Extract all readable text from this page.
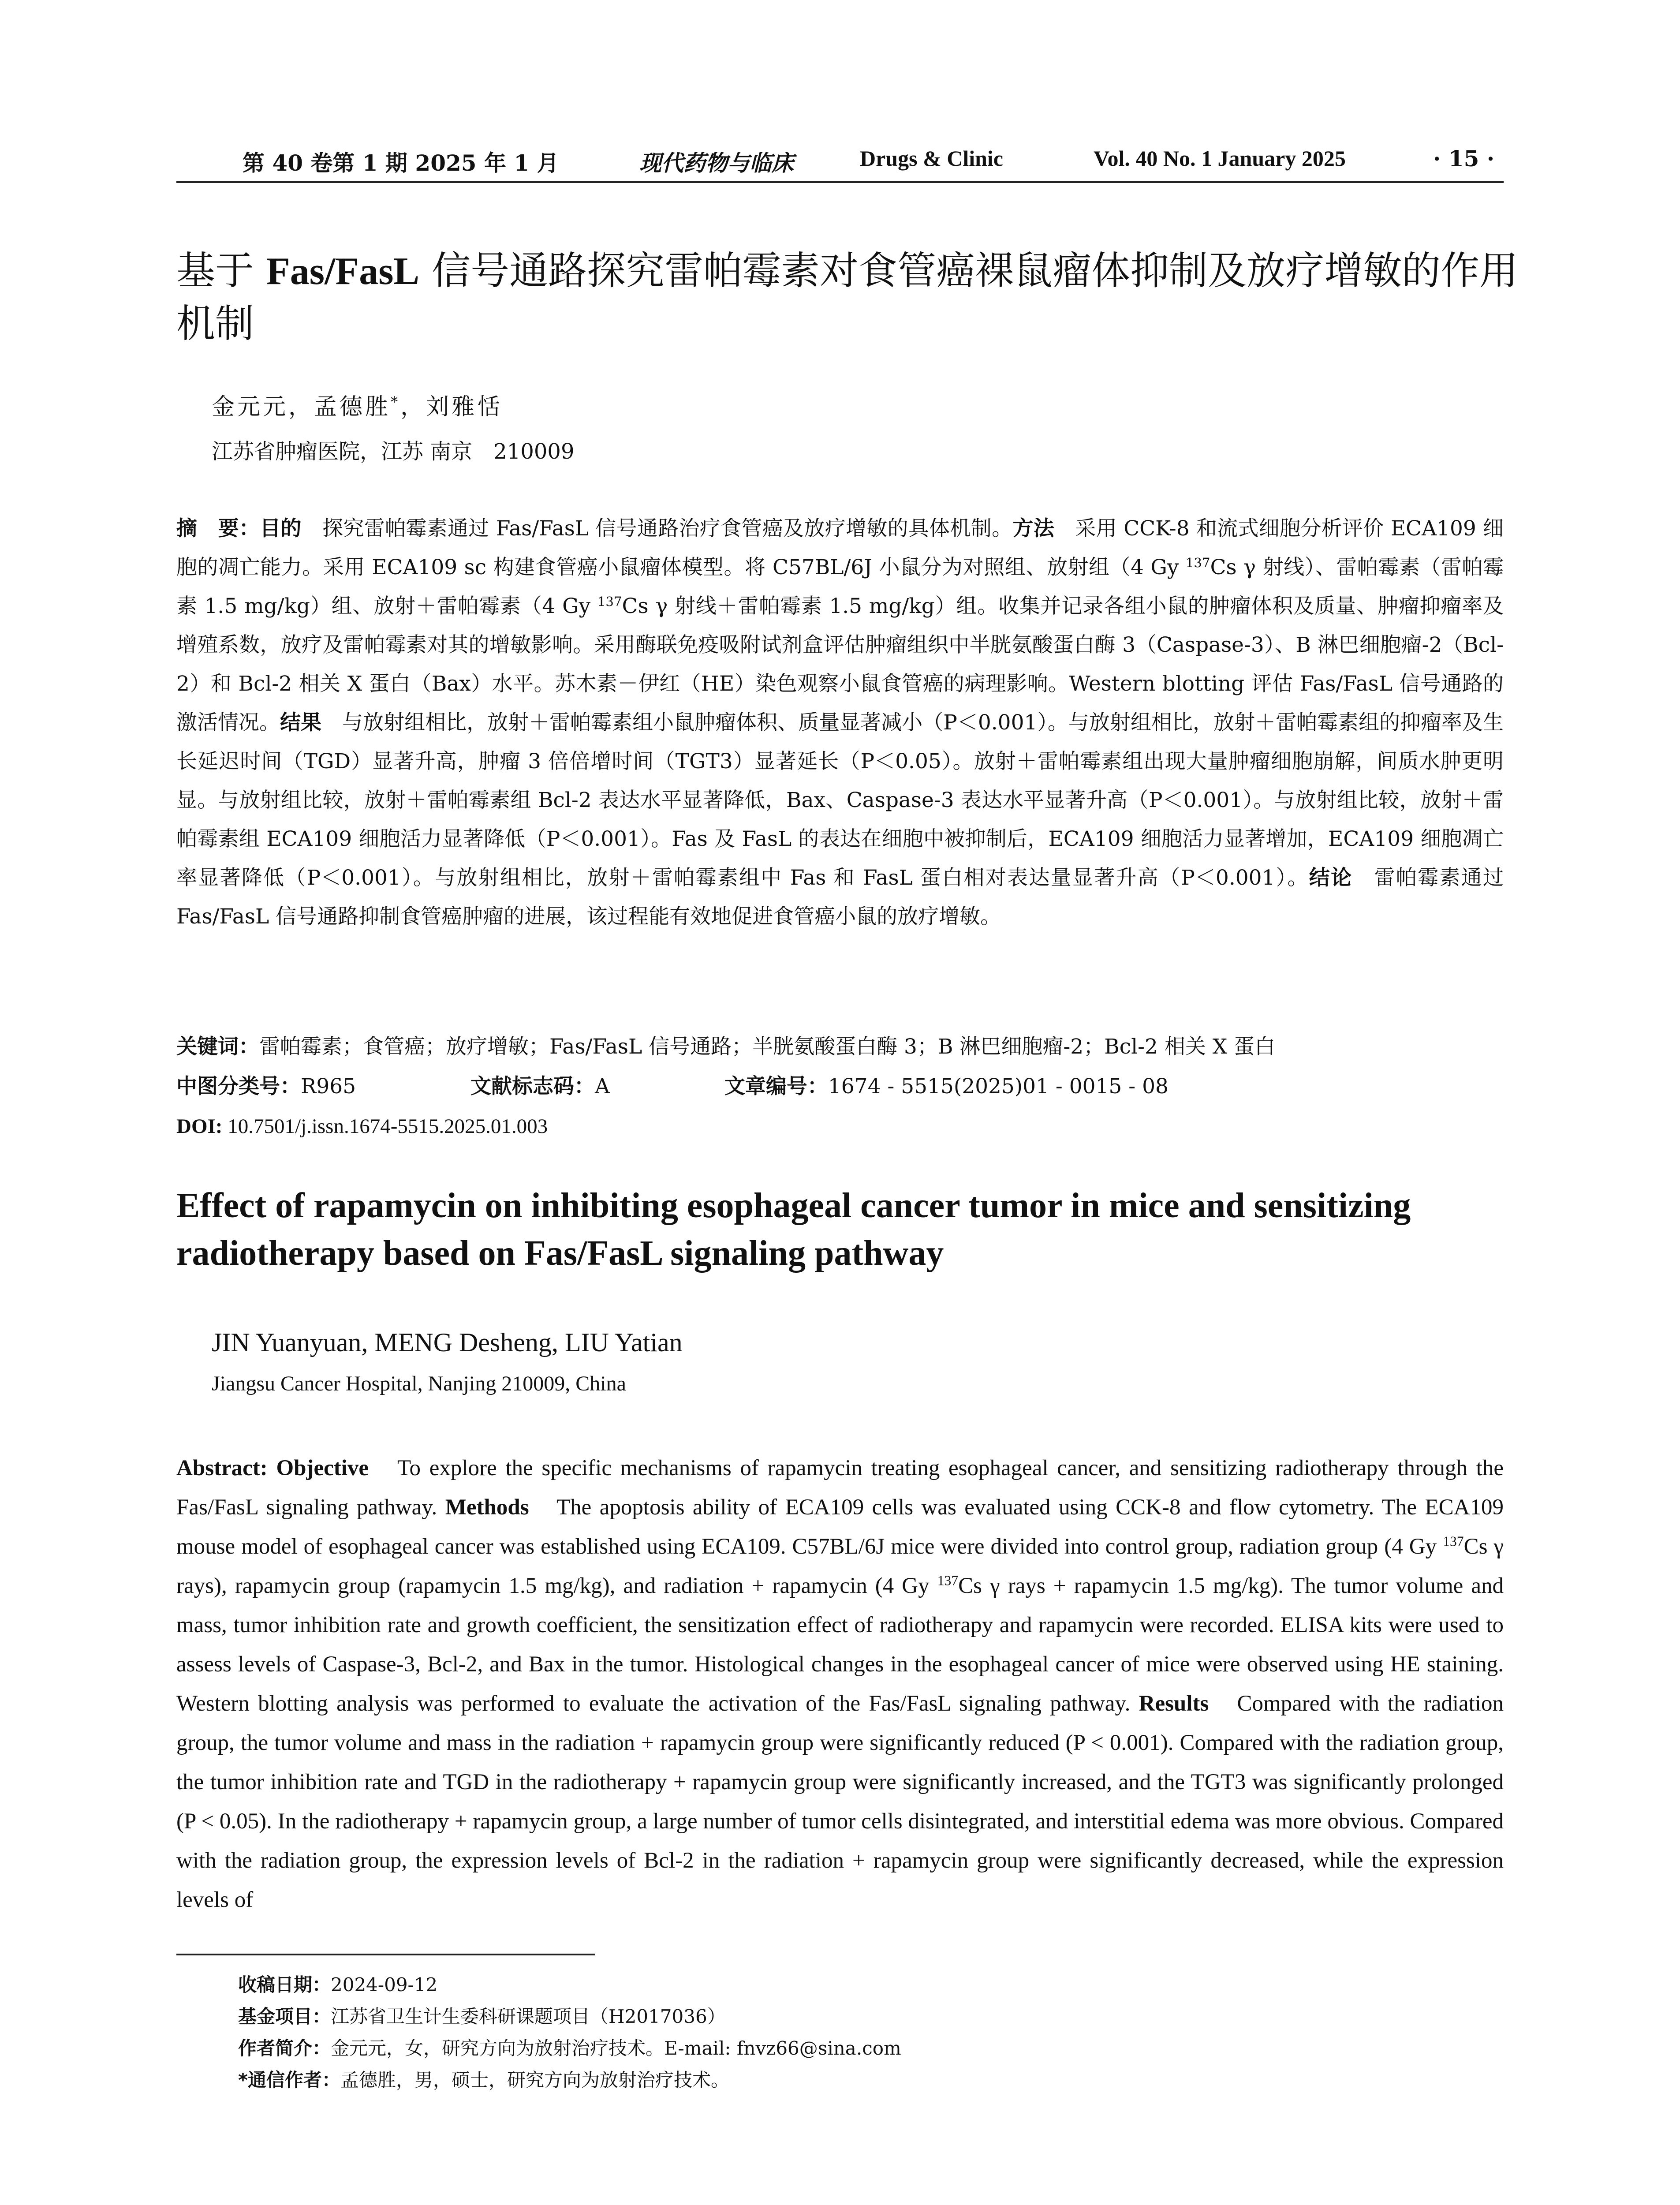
第 40 卷第 1 期 2025 年 1 月	现代药物与临床	Drugs & Clinic	Vol. 40 No. 1 January 2025	· 15 ·
基于 Fas/FasL 信号通路探究雷帕霉素对食管癌裸鼠瘤体抑制及放疗增敏的作用机制
金元元，孟德胜*，刘雅恬
江苏省肿瘤医院，江苏 南京　210009
摘　要：目的　探究雷帕霉素通过 Fas/FasL 信号通路治疗食管癌及放疗增敏的具体机制。方法　采用 CCK-8 和流式细胞分析评价 ECA109 细胞的凋亡能力。采用 ECA109 sc 构建食管癌小鼠瘤体模型。将 C57BL/6J 小鼠分为对照组、放射组（4 Gy $^{137}$Cs γ 射线）、雷帕霉素（雷帕霉素 1.5 mg/kg）组、放射＋雷帕霉素（4 Gy $^{137}$Cs γ 射线＋雷帕霉素 1.5 mg/kg）组。收集并记录各组小鼠的肿瘤体积及质量、肿瘤抑瘤率及增殖系数，放疗及雷帕霉素对其的增敏影响。采用酶联免疫吸附试剂盒评估肿瘤组织中半胱氨酸蛋白酶 3（Caspase-3）、B 淋巴细胞瘤-2（Bcl-2）和 Bcl-2 相关 X 蛋白（Bax）水平。苏木素－伊红（HE）染色观察小鼠食管癌的病理影响。Western blotting 评估 Fas/FasL 信号通路的激活情况。结果　与放射组相比，放射＋雷帕霉素组小鼠肿瘤体积、质量显著减小（P＜0.001）。与放射组相比，放射＋雷帕霉素组的抑瘤率及生长延迟时间（TGD）显著升高，肿瘤 3 倍倍增时间（TGT3）显著延长（P＜0.05）。放射＋雷帕霉素组出现大量肿瘤细胞崩解，间质水肿更明显。与放射组比较，放射＋雷帕霉素组 Bcl-2 表达水平显著降低，Bax、Caspase-3 表达水平显著升高（P＜0.001）。与放射组比较，放射＋雷帕霉素组 ECA109 细胞活力显著降低（P＜0.001）。Fas 及 FasL 的表达在细胞中被抑制后，ECA109 细胞活力显著增加，ECA109 细胞凋亡率显著降低（P＜0.001）。与放射组相比，放射＋雷帕霉素组中 Fas 和 FasL 蛋白相对表达量显著升高（P＜0.001）。结论　雷帕霉素通过 Fas/FasL 信号通路抑制食管癌肿瘤的进展，该过程能有效地促进食管癌小鼠的放疗增敏。
关键词：雷帕霉素；食管癌；放疗增敏；Fas/FasL 信号通路；半胱氨酸蛋白酶 3；B 淋巴细胞瘤-2；Bcl-2 相关 X 蛋白
中图分类号：R965	文献标志码：A	文章编号：1674 - 5515(2025)01 - 0015 - 08
DOI: 10.7501/j.issn.1674-5515.2025.01.003
Effect of rapamycin on inhibiting esophageal cancer tumor in mice and sensitizing radiotherapy based on Fas/FasL signaling pathway
JIN Yuanyuan, MENG Desheng, LIU Yatian
Jiangsu Cancer Hospital, Nanjing 210009, China
Abstract: Objective　To explore the specific mechanisms of rapamycin treating esophageal cancer, and sensitizing radiotherapy through the Fas/FasL signaling pathway. Methods　The apoptosis ability of ECA109 cells was evaluated using CCK-8 and flow cytometry. The ECA109 mouse model of esophageal cancer was established using ECA109. C57BL/6J mice were divided into control group, radiation group (4 Gy $^{137}$Cs γ rays), rapamycin group (rapamycin 1.5 mg/kg), and radiation + rapamycin (4 Gy $^{137}$Cs γ rays + rapamycin 1.5 mg/kg). The tumor volume and mass, tumor inhibition rate and growth coefficient, the sensitization effect of radiotherapy and rapamycin were recorded. ELISA kits were used to assess levels of Caspase-3, Bcl-2, and Bax in the tumor. Histological changes in the esophageal cancer of mice were observed using HE staining. Western blotting analysis was performed to evaluate the activation of the Fas/FasL signaling pathway. Results　Compared with the radiation group, the tumor volume and mass in the radiation + rapamycin group were significantly reduced (P < 0.001). Compared with the radiation group, the tumor inhibition rate and TGD in the radiotherapy + rapamycin group were significantly increased, and the TGT3 was significantly prolonged (P < 0.05). In the radiotherapy + rapamycin group, a large number of tumor cells disintegrated, and interstitial edema was more obvious. Compared with the radiation group, the expression levels of Bcl-2 in the radiation + rapamycin group were significantly decreased, while the expression levels of
收稿日期：2024-09-12
基金项目：江苏省卫生计生委科研课题项目（H2017036）
作者简介：金元元，女，研究方向为放射治疗技术。E-mail: fnvz66@sina.com
*通信作者：孟德胜，男，硕士，研究方向为放射治疗技术。
